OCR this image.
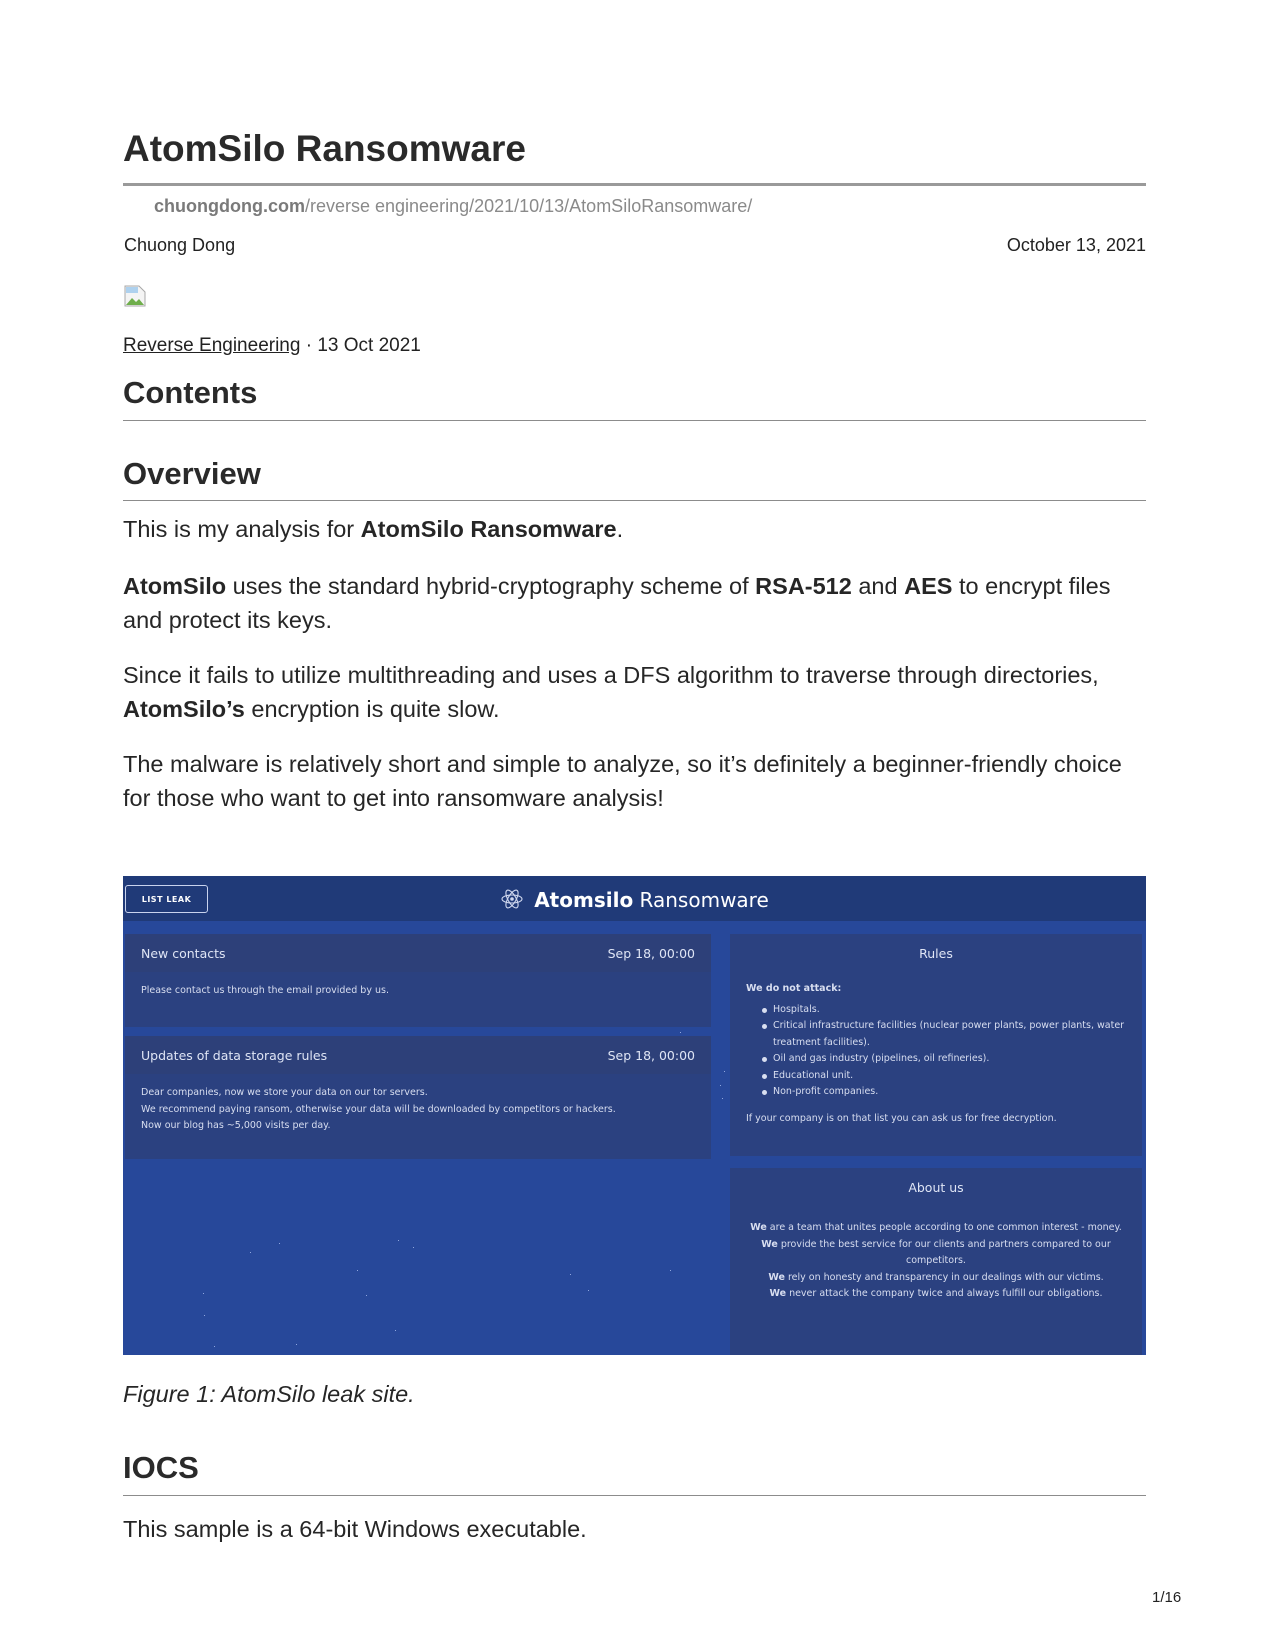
AtomSilo Ransomware
chuongdong.com/reverse engineering/2021/10/13/AtomSiloRansomware/
Chuong Dong	October 13, 2021
Reverse Engineering · 13 Oct 2021
Contents
Overview

This is my analysis for AtomSilo Ransomware.

AtomSilo uses the standard hybrid-cryptography scheme of RSA-512 and AES to encrypt files and protect its keys.

Since it fails to utilize multithreading and uses a DFS algorithm to traverse through directories, AtomSilo’s encryption is quite slow.

The malware is relatively short and simple to analyze, so it’s definitely a beginner-friendly choice for those who want to get into ransomware analysis!

LIST LEAK	Atomsilo Ransomware
New contacts	Sep 18, 00:00
Please contact us through the email provided by us.
Updates of data storage rules	Sep 18, 00:00
Dear companies, now we store your data on our tor servers.
We recommend paying ransom, otherwise your data will be downloaded by competitors or hackers.
Now our blog has ~5,000 visits per day.
Rules
We do not attack:
Hospitals.
Critical infrastructure facilities (nuclear power plants, power plants, water treatment facilities).
Oil and gas industry (pipelines, oil refineries).
Educational unit.
Non-profit companies.
If your company is on that list you can ask us for free decryption.
About us
We are a team that unites people according to one common interest - money.
We provide the best service for our clients and partners compared to our competitors.
We rely on honesty and transparency in our dealings with our victims.
We never attack the company twice and always fulfill our obligations.

Figure 1: AtomSilo leak site.

IOCS

This sample is a 64-bit Windows executable.

1/16
